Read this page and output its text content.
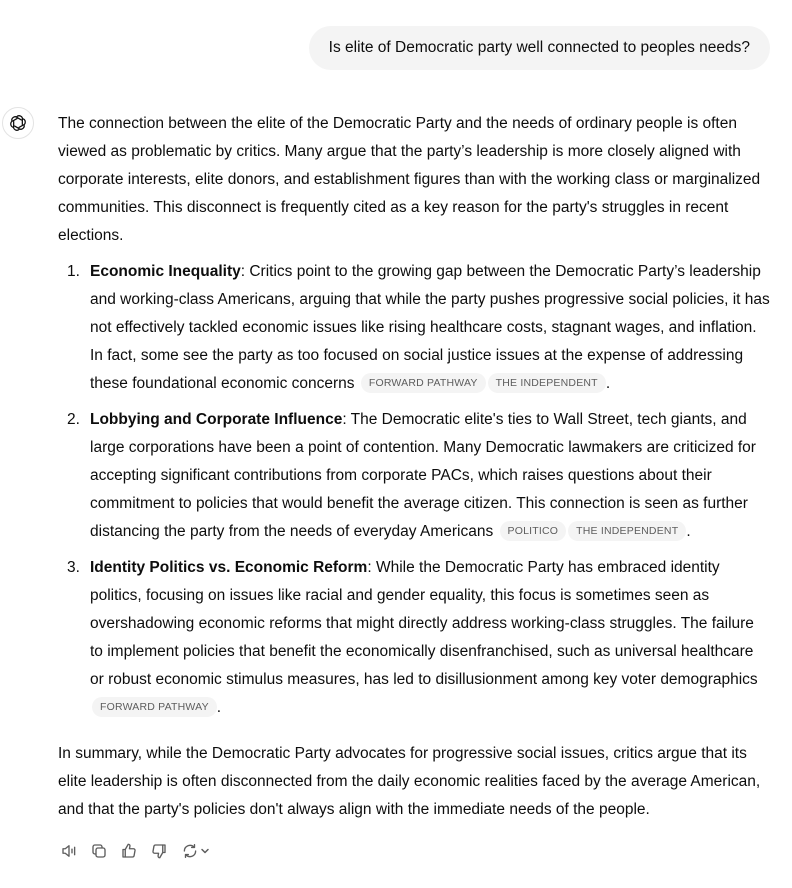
Is elite of Democratic party well connected to peoples needs?

The connection between the elite of the Democratic Party and the needs of ordinary people is often viewed as problematic by critics. Many argue that the party’s leadership is more closely aligned with corporate interests, elite donors, and establishment figures than with the working class or marginalized communities. This disconnect is frequently cited as a key reason for the party's struggles in recent elections.

1. Economic Inequality: Critics point to the growing gap between the Democratic Party’s leadership and working-class Americans, arguing that while the party pushes progressive social policies, it has not effectively tackled economic issues like rising healthcare costs, stagnant wages, and inflation. In fact, some see the party as too focused on social justice issues at the expense of addressing these foundational economic concerns FORWARD PATHWAY THE INDEPENDENT .
2. Lobbying and Corporate Influence: The Democratic elite's ties to Wall Street, tech giants, and large corporations have been a point of contention. Many Democratic lawmakers are criticized for accepting significant contributions from corporate PACs, which raises questions about their commitment to policies that would benefit the average citizen. This connection is seen as further distancing the party from the needs of everyday Americans POLITICO THE INDEPENDENT .
3. Identity Politics vs. Economic Reform: While the Democratic Party has embraced identity politics, focusing on issues like racial and gender equality, this focus is sometimes seen as overshadowing economic reforms that might directly address working-class struggles. The failure to implement policies that benefit the economically disenfranchised, such as universal healthcare or robust economic stimulus measures, has led to disillusionment among key voter demographics FORWARD PATHWAY .

In summary, while the Democratic Party advocates for progressive social issues, critics argue that its elite leadership is often disconnected from the daily economic realities faced by the average American, and that the party's policies don't always align with the immediate needs of the people.
